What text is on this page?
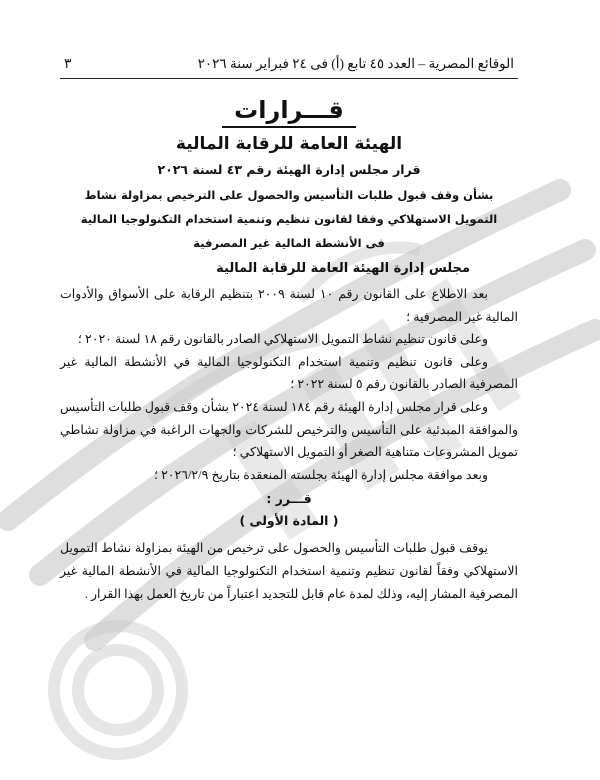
الوقائع المصرية – العدد ٤٥ تابع (أ) فى ٢٤ فبراير سنة ٢٠٢٦
٣
قـــرارات
الهيئة العامة للرقابة المالية
قرار مجلس إدارة الهيئة رقم ٤٣ لسنة ٢٠٢٦
بشأن وقف قبول طلبات التأسيس والحصول على الترخيص بمزاولة نشاط
التمويل الاستهلاكي وفقا لقانون تنظيم وتنمية استخدام التكنولوجيا المالية
فى الأنشطة المالية غير المصرفية
مجلس إدارة الهيئة العامة للرقابة المالية

بعد الاطلاع على القانون رقم ١٠ لسنة ٢٠٠٩ بتنظيم الرقابة على الأسواق والأدوات المالية غير المصرفية ؛

وعلى قانون تنظيم نشاط التمويل الاستهلاكي الصادر بالقانون رقم ١٨ لسنة ٢٠٢٠ ؛

وعلى قانون تنظيم وتنمية استخدام التكنولوجيا المالية في الأنشطة المالية غير المصرفية الصادر بالقانون رقم ٥ لسنة ٢٠٢٢ ؛

وعلى قرار مجلس إدارة الهيئة رقم ١٨٤ لسنة ٢٠٢٤ بشأن وقف قبول طلبات التأسيس والموافقة المبدئية على التأسيس والترخيص للشركات والجهات الراغبة في مزاولة نشاطي تمويل المشروعات متناهية الصغر أو التمويل الاستهلاكي ؛

وبعد موافقة مجلس إدارة الهيئة بجلسته المنعقدة بتاريخ ٢٠٢٦/٢/٩ ؛

قـــرر :
( المادة الأولى )

يوقف قبول طلبات التأسيس والحصول على ترخيص من الهيئة بمزاولة نشاط التمويل الاستهلاكي وفقاً لقانون تنظيم وتنمية استخدام التكنولوجيا المالية في الأنشطة المالية غير المصرفية المشار إليه، وذلك لمدة عام قابل للتجديد اعتباراً من تاريخ العمل بهذا القرار .
